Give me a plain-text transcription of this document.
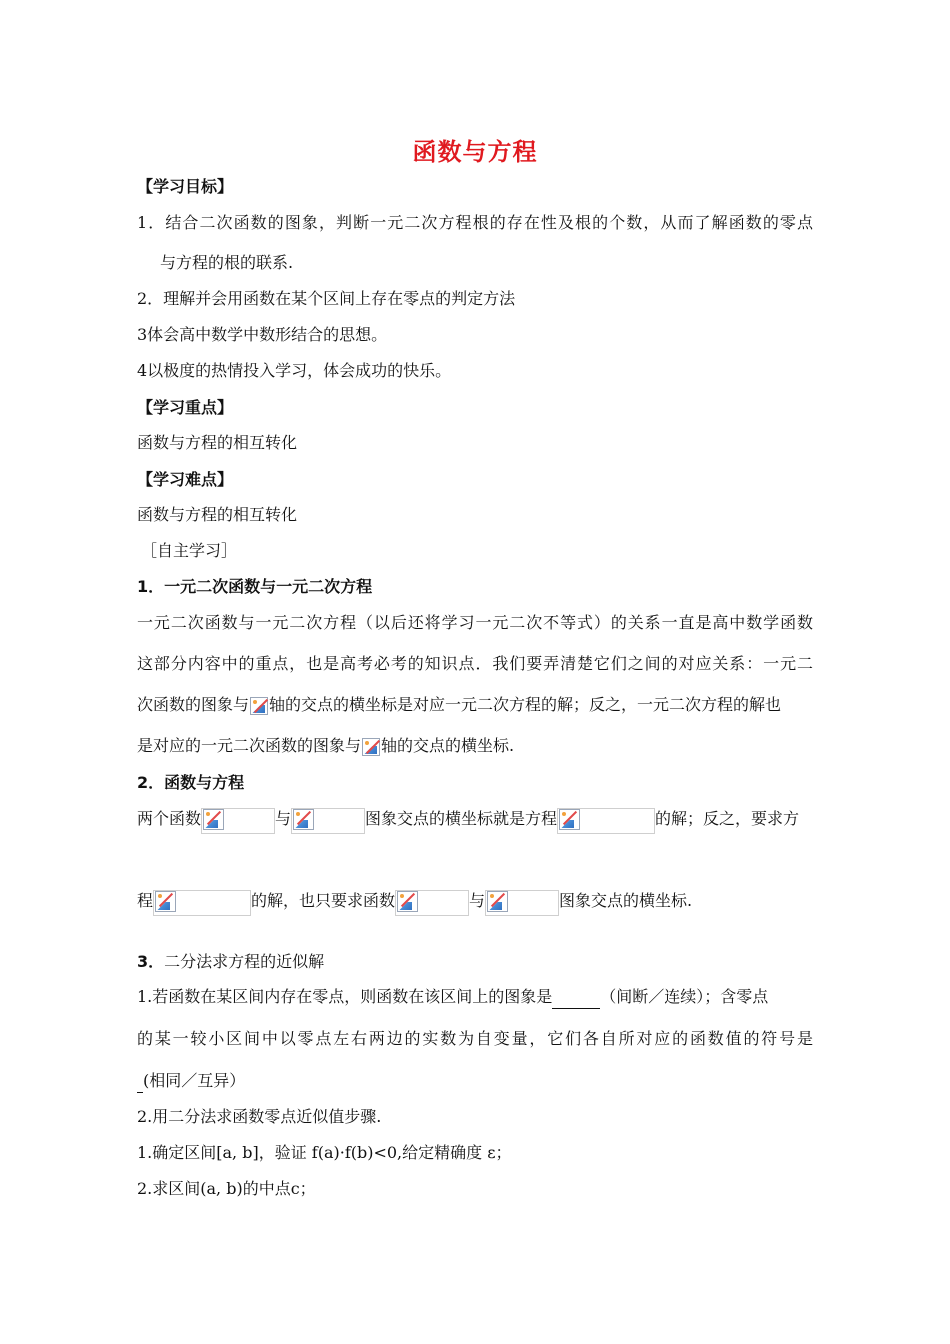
函数与方程
【学习目标】
1．结合二次函数的图象，判断一元二次方程根的存在性及根的个数，从而了解函数的零点
与方程的根的联系.
2．理解并会用函数在某个区间上存在零点的判定方法
3体会高中数学中数形结合的思想。
4以极度的热情投入学习，体会成功的快乐。
【学习重点】
函数与方程的相互转化
【学习难点】
函数与方程的相互转化
［自主学习］
1．一元二次函数与一元二次方程
一元二次函数与一元二次方程（以后还将学习一元二次不等式）的关系一直是高中数学函数
这部分内容中的重点，也是高考必考的知识点．我们要弄清楚它们之间的对应关系：一元二
次函数的图象与 轴的交点的横坐标是对应一元二次方程的解；反之，一元二次方程的解也
是对应的一元二次函数的图象与 轴的交点的横坐标.
2．函数与方程
两个函数	与	图象交点的横坐标就是方程	的解；反之，要求方
程	的解，也只要求函数	与	图象交点的横坐标.
3．二分法求方程的近似解
1.若函数在某区间内存在零点，则函数在该区间上的图象是	（间断／连续）；含零点
的某一较小区间中以零点左右两边的实数为自变量，它们各自所对应的函数值的符号是
(相同／互异）
2.用二分法求函数零点近似值步骤.
1.确定区间[a, b]，验证 f(a)·f(b)<0,给定精确度 ε；
2.求区间(a, b)的中点c；
